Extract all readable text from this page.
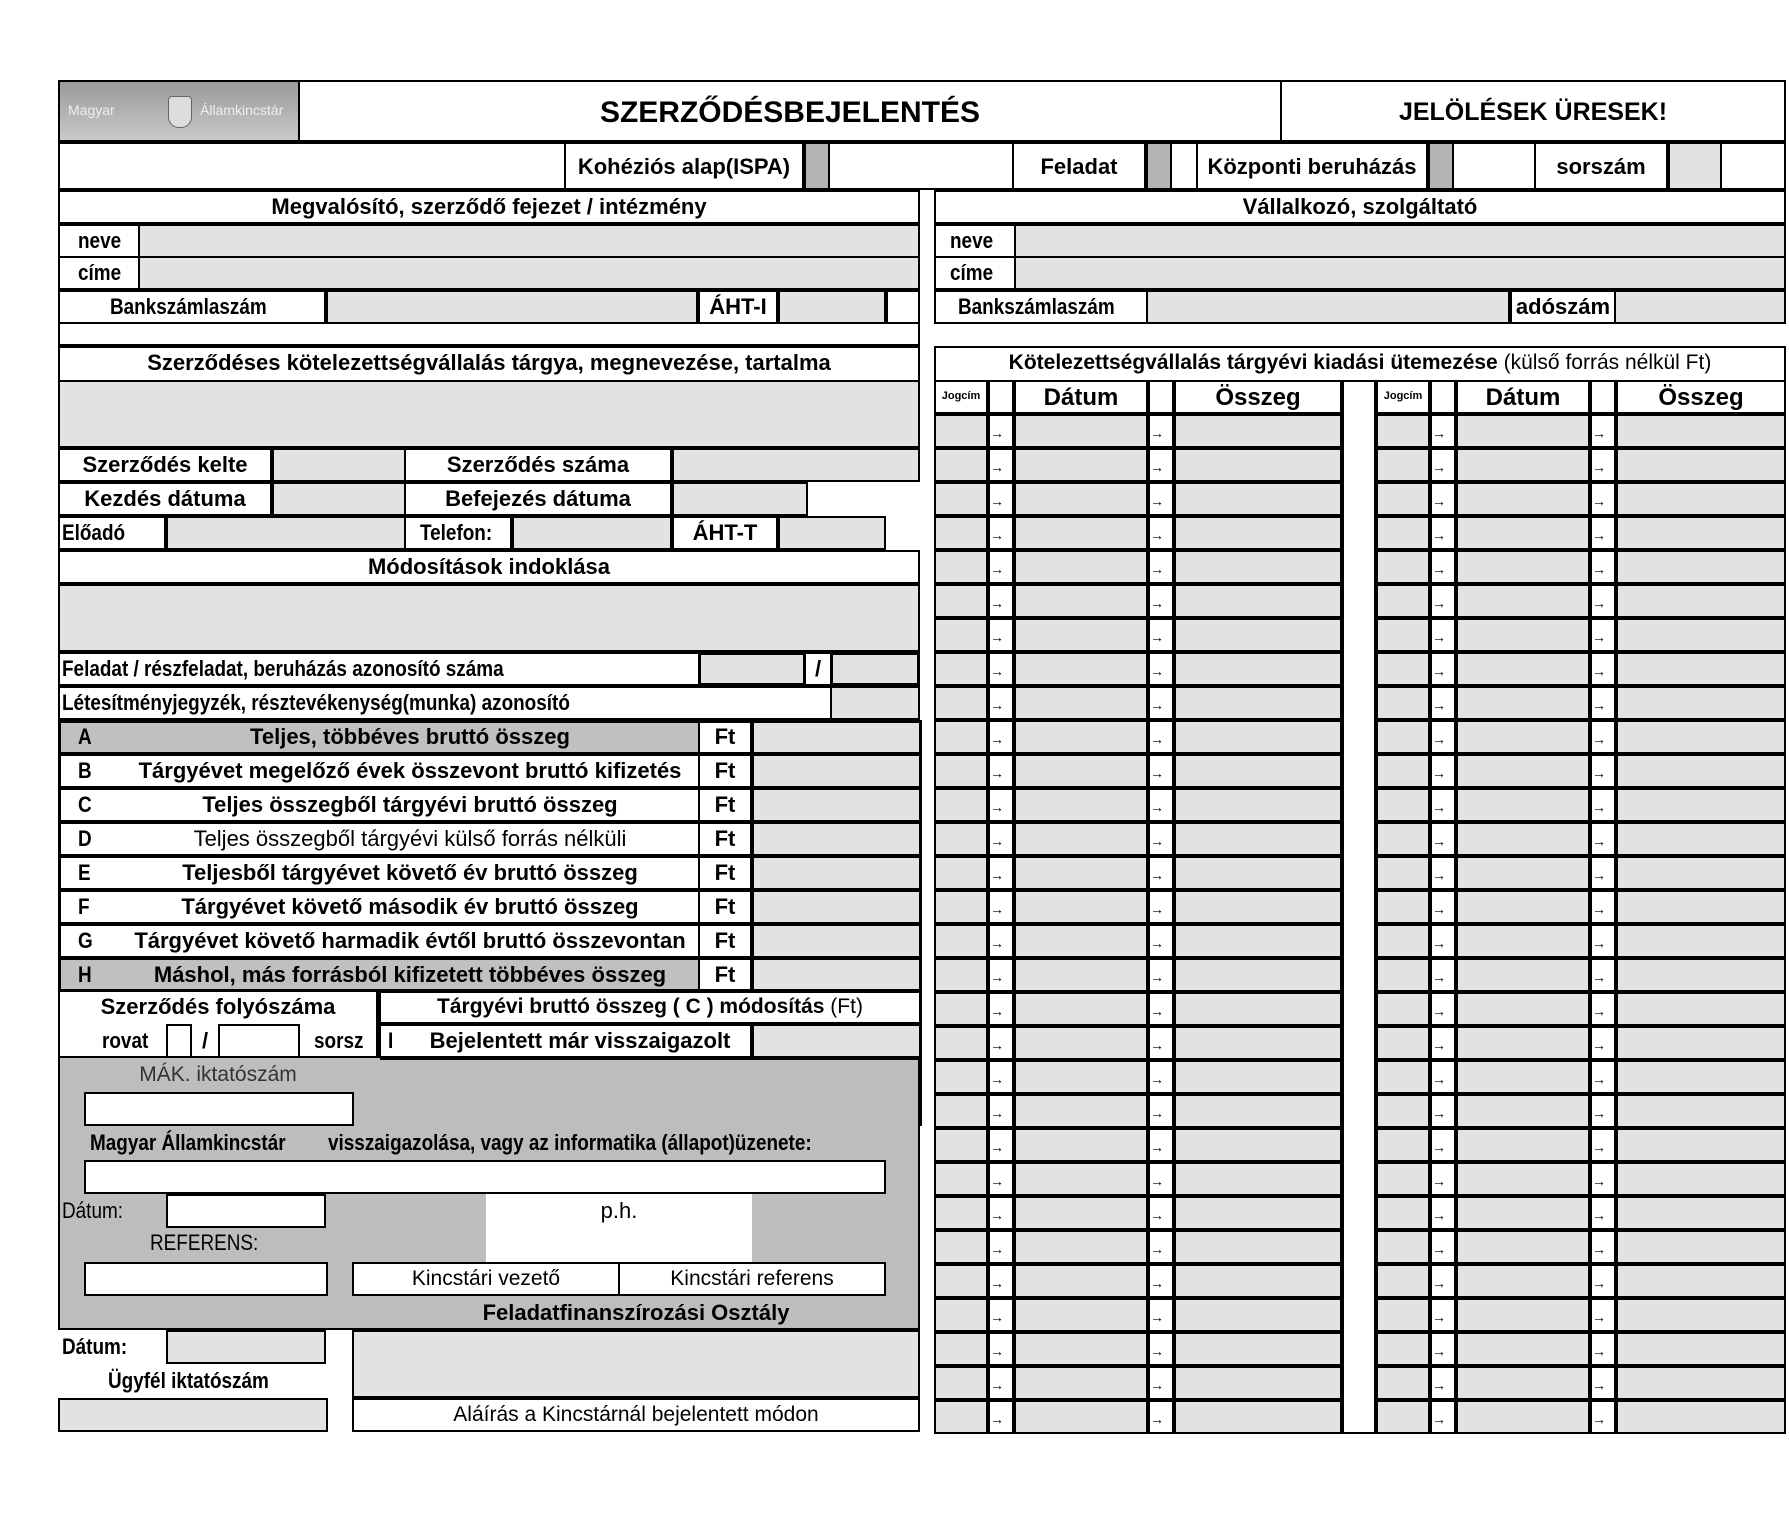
Magyar	Államkincstár	SZERZŐDÉSBEJELENTÉS	JELÖLÉSEK ÜRESEK!
Kohéziós alap(ISPA)	Feladat	Központi beruházás	sorszám
Megvalósító, szerződő fejezet / intézmény
neve
címe
Bankszámlaszám	ÁHT-I
Vállalkozó, szolgáltató
neve
címe
Bankszámlaszám	adószám
Szerződéses kötelezettségvállalás tárgya, megnevezése, tartalma
Szerződés kelte	Szerződés száma
Kezdés dátuma	Befejezés dátuma
Előadó	Telefon:	ÁHT-T
Módosítások indoklása
Feladat / részfeladat, beruházás azonosító száma	/
Létesítményjegyzék, résztevékenység(munka) azonosító
A	Teljes, többéves bruttó összeg	Ft
B	Tárgyévet megelőző évek összevont bruttó kifizetés	Ft
C	Teljes összegből tárgyévi bruttó összeg	Ft
D	Teljes összegből tárgyévi külső forrás nélküli	Ft
E	Teljesből tárgyévet követő év bruttó összeg	Ft
F	Tárgyévet követő második év bruttó összeg	Ft
G	Tárgyévet követő harmadik évtől bruttó összevontan	Ft
H	Máshol, más forrásból kifizetett többéves összeg	Ft
Szerződés folyószáma
rovat	/	sorsz
Tárgyévi bruttó összeg ( C ) módosítás (Ft)
I	Bejelentett már visszaigazolt
MÁK. iktatószám
Magyar Államkincstár visszaigazolása, vagy az informatika (állapot)üzenete:
Dátum:	p.h.
REFERENS:
Kincstári vezető	Kincstári referens
Feladatfinanszírozási Osztály
Dátum:
Ügyfél iktatószám
Aláírás a Kincstárnál bejelentett módon
Kötelezettségvállalás tárgyévi kiadási ütemezése (külső forrás nélkül Ft)
Jogcím	Dátum	Összeg
→	→
→	→
→	→
→	→
→	→
→	→
→	→
→	→
→	→
→	→
→	→
→	→
→	→
→	→
→	→
→	→
→	→
→	→
→	→
→	→
→	→
→	→
→	→
→	→
→	→
→	→
→	→
→	→
→	→
→	→
Jogcím	Dátum	Összeg
→	→
→	→
→	→
→	→
→	→
→	→
→	→
→	→
→	→
→	→
→	→
→	→
→	→
→	→
→	→
→	→
→	→
→	→
→	→
→	→
→	→
→	→
→	→
→	→
→	→
→	→
→	→
→	→
→	→
→	→
